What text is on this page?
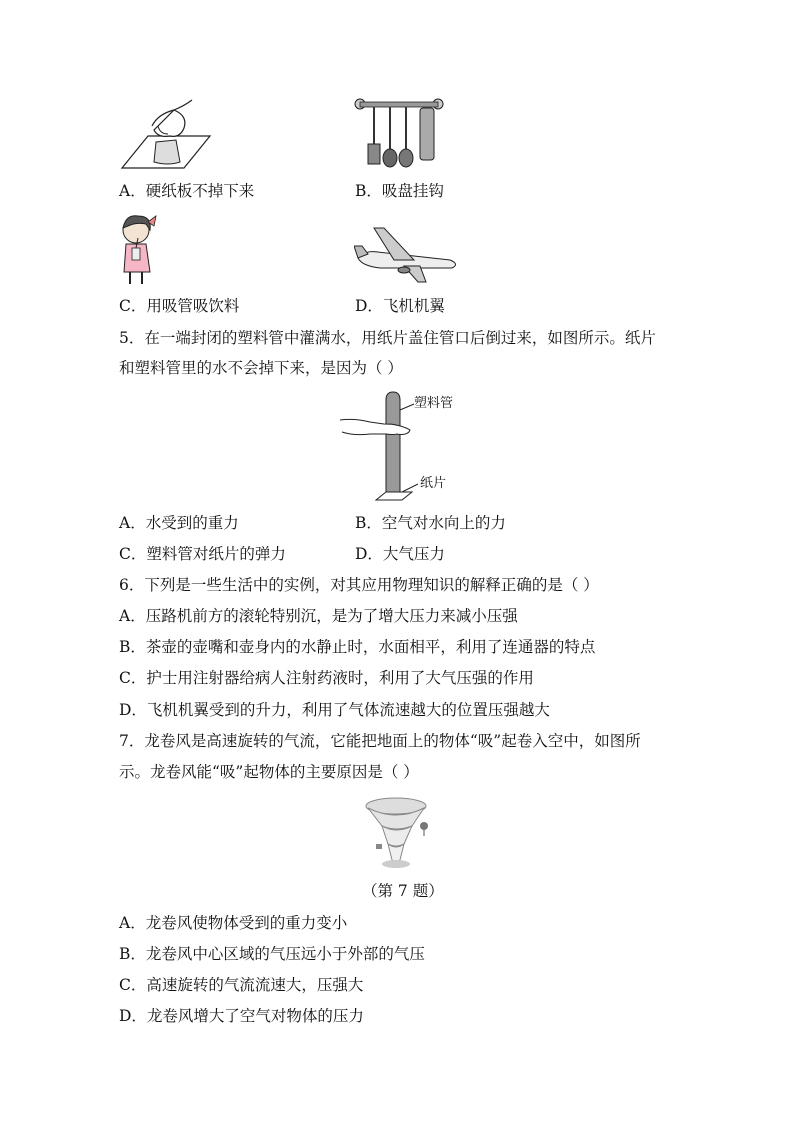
A．硬纸板不掉下来	B．吸盘挂钩
C．用吸管吸饮料	D．飞机机翼
5．在一端封闭的塑料管中灌满水，用纸片盖住管口后倒过来，如图所示。纸片
和塑料管里的水不会掉下来，是因为（ ）
塑料管
纸片
A．水受到的重力	B．空气对水向上的力
C．塑料管对纸片的弹力	D．大气压力
6．下列是一些生活中的实例，对其应用物理知识的解释正确的是（ ）
A．压路机前方的滚轮特别沉，是为了增大压力来减小压强
B．茶壶的壶嘴和壶身内的水静止时，水面相平，利用了连通器的特点
C．护士用注射器给病人注射药液时，利用了大气压强的作用
D．飞机机翼受到的升力，利用了气体流速越大的位置压强越大
7．龙卷风是高速旋转的气流，它能把地面上的物体“吸”起卷入空中，如图所
示。龙卷风能“吸”起物体的主要原因是（ ）
（第 7 题）
A．龙卷风使物体受到的重力变小
B．龙卷风中心区域的气压远小于外部的气压
C．高速旋转的气流流速大，压强大
D．龙卷风增大了空气对物体的压力
